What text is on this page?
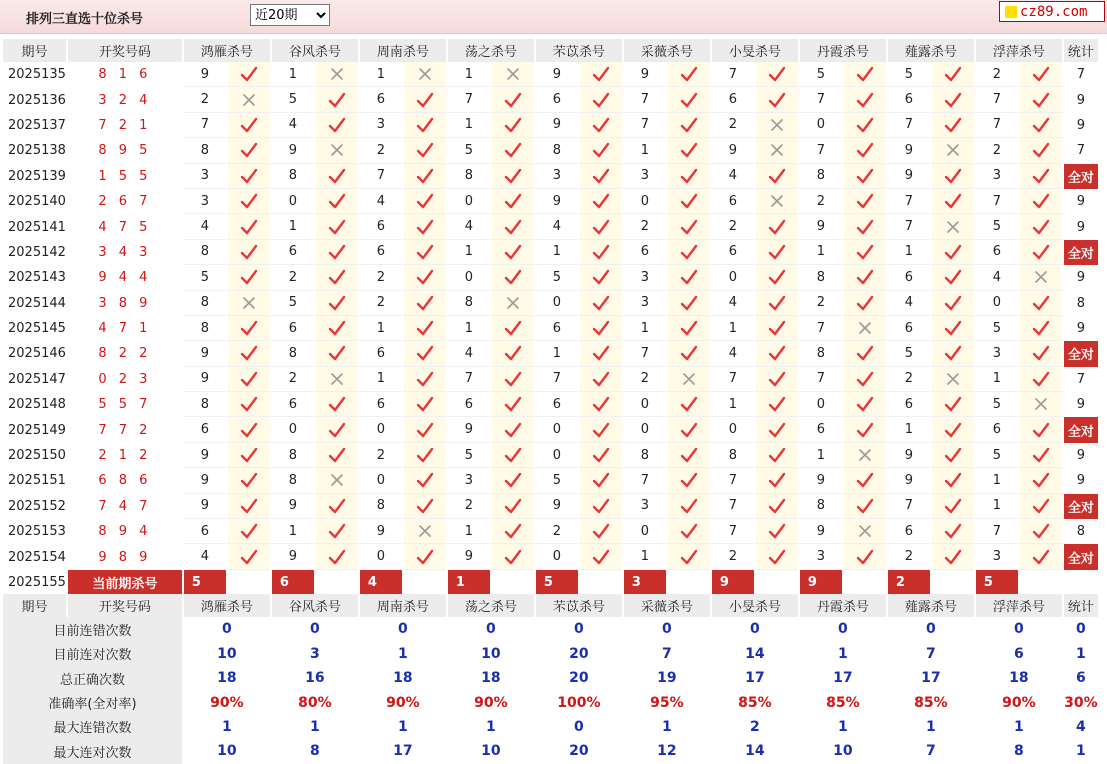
排列三直选十位杀号
近20期	cz89.com
期号	开奖号码	鸿雁杀号		谷风杀号		周南杀号		荡之杀号		芣苡杀号		采薇杀号		小旻杀号		丹霞杀号		薤露杀号		浮萍杀号		统计
2025135	8 1 6	9		1		1		1		9		9		7		5		5		2		7
2025136	3 2 4	2		5		6		7		6		7		6		7		6		7		9
2025137	7 2 1	7		4		3		1		9		7		2		0		7		7		9
2025138	8 9 5	8		9		2		5		8		1		9		7		9		2		7
2025139	1 5 5	3		8		7		8		3		3		4		8		9		3		全对
2025140	2 6 7	3		0		4		0		9		0		6		2		7		7		9
2025141	4 7 5	4		1		6		4		4		2		2		9		7		5		9
2025142	3 4 3	8		6		6		1		1		6		6		1		1		6		全对
2025143	9 4 4	5		2		2		0		5		3		0		8		6		4		9
2025144	3 8 9	8		5		2		8		0		3		4		2		4		0		8
2025145	4 7 1	8		6		1		1		6		1		1		7		6		5		9
2025146	8 2 2	9		8		6		4		1		7		4		8		5		3		全对
2025147	0 2 3	9		2		1		7		7		2		7		7		2		1		7
2025148	5 5 7	8		6		6		6		6		0		1		0		6		5		9
2025149	7 7 2	6		0		0		9		0		0		0		6		1		6		全对
2025150	2 1 2	9		8		2		5		0		8		8		1		9		5		9
2025151	6 8 6	9		8		0		3		5		7		7		9		9		1		9
2025152	7 4 7	9		9		8		2		9		3		7		8		7		1		全对
2025153	8 9 4	6		1		9		1		2		0		7		9		6		7		8
2025154	9 8 9	4		9		0		9		0		1		2		3		2		3		全对
2025155	当前期杀号	5		6		4		1		5		3		9		9		2		5		
期号	开奖号码	鸿雁杀号		谷风杀号		周南杀号		荡之杀号		芣苡杀号		采薇杀号		小旻杀号		丹霞杀号		薤露杀号		浮萍杀号		统计
目前连错次数		0		0		0		0		0		0		0		0		0		0		0
目前连对次数		10		3		1		10		20		7		14		1		7		6		1
总正确次数		18		16		18		18		20		19		17		17		17		18		6
准确率(全对率)		90%		80%		90%		90%		100%		95%		85%		85%		85%		90%		30%
最大连错次数		1		1		1		1		0		1		2		1		1		1		4
最大连对次数		10		8		17		10		20		12		14		10		7		8		1
